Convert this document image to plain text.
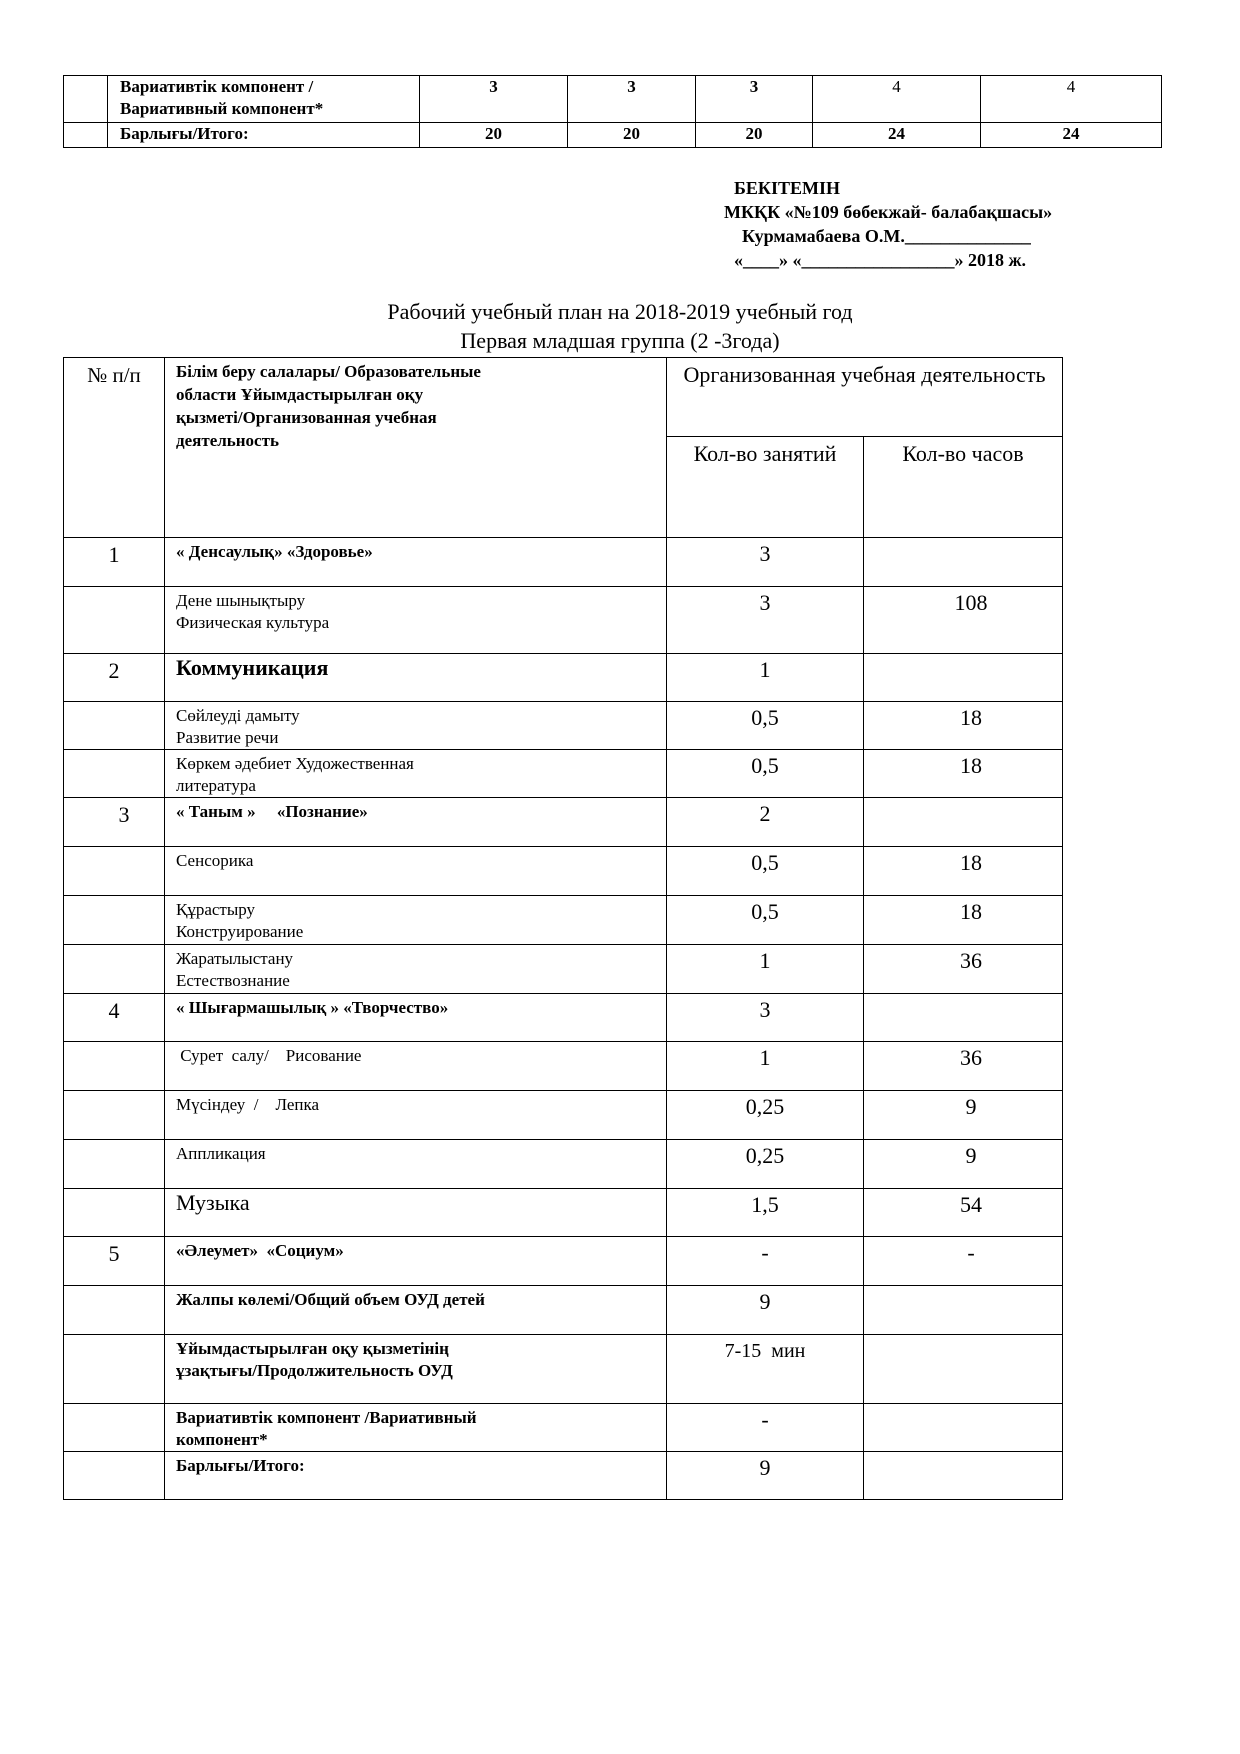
	Вариативтік компонент /Вариативный компонент*	3	3	3	4	4
	Барлығы/Итого:	20	20	20	24	24
БЕКІТЕМІН
МКҚК «№109 бөбекжай- балабақшасы»
Курмамабаева О.М.______________
«____» «_________________» 2018 ж.
Рабочий учебный план на 2018-2019 учебный год
Первая младшая группа (2 -3года)
№ п/п	Білім беру салалары/ Образовательные области Ұйымдастырылған оқу қызметі/Организованная учебная деятельность	Организованная учебная деятельность	
		Кол-во занятий	Кол-во часов
1	« Денсаулық» «Здоровье»	3	

	Дене шынықтыру Физическая культура	3	108
2	Коммуникация	1	

	Сөйлеуді дамыту Развитие речи	0,5	18

	Көркем әдебиет Художественная литература	0,5	18
3	« Таным »     «Познание»	2	
	Сенсорика	0,5	18

	Құрастыру Конструирование	0,5	18

	Жаратылыстану Естествознание	1	36
4	« Шығармашылық » «Творчество»	3	
	Сурет  салу/    Рисование	1	36
	Мүсіндеу  /    Лепка	0,25	9
	Аппликация	0,25	9
	Музыка	1,5	54
5	«Әлеумет»  «Социум»	-	-
	Жалпы көлемі/Общий объем ОУД детей	9	

	Ұйымдастырылған оқу қызметінің ұзақтығы/Продолжительность ОУД	7-15  мин	

	Вариативтік компонент /Вариативный компонент*	-	
	Барлығы/Итого:	9	
